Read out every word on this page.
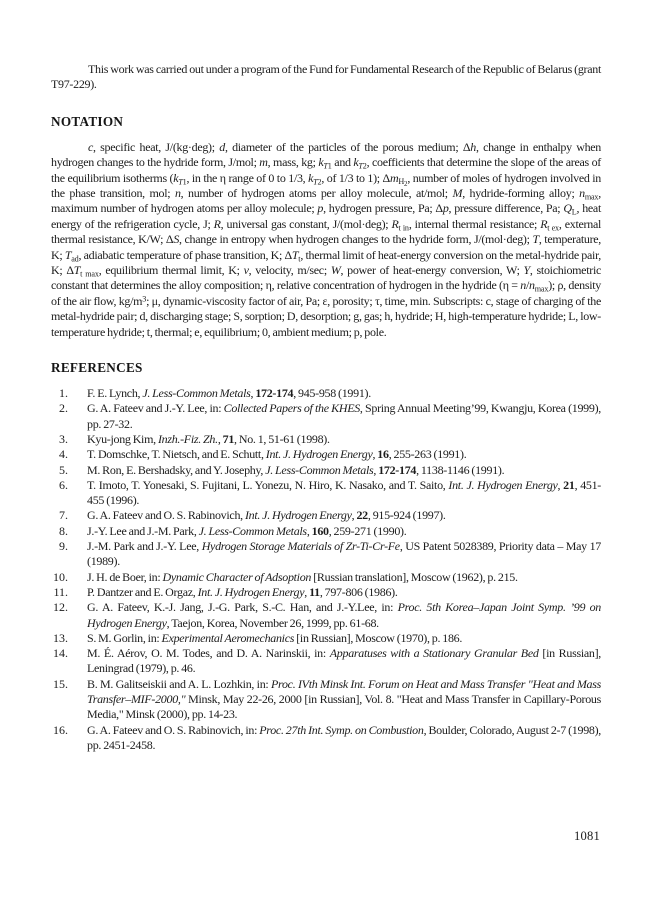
This work was carried out under a program of the Fund for Fundamental Research of the Republic of Belarus (grant T97-229).

NOTATION

c, specific heat, J/(kg·deg); d, diameter of the particles of the porous medium; Δh, change in enthalpy when hydrogen changes to the hydride form, J/mol; m, mass, kg; $k_{T1}$ and $k_{T2}$, coefficients that determine the slope of the areas of the equilibrium isotherms ($k_{T1}$, in the η range of 0 to 1/3, $k_{T2}$, of 1/3 to 1); $\Delta m_{H_2}$, number of moles of hydrogen involved in the phase transition, mol; n, number of hydrogen atoms per alloy molecule, at/mol; M, hydride-forming alloy; $n_{max}$, maximum number of hydrogen atoms per alloy molecule; p, hydrogen pressure, Pa; Δp, pressure difference, Pa; $Q_L$, heat energy of the refrigeration cycle, J; R, universal gas constant, J/(mol·deg); $R_{t in}$, internal thermal resistance; $R_{t ex}$, external thermal resistance, K/W; ΔS, change in entropy when hydrogen changes to the hydride form, J/(mol·deg); T, temperature, K; $T_{ad}$, adiabatic temperature of phase transition, K; $\Delta T_t$, thermal limit of heat-energy conversion on the metal-hydride pair, K; $\Delta T_{t max}$, equilibrium thermal limit, K; v, velocity, m/sec; W, power of heat-energy conversion, W; Y, stoichiometric constant that determines the alloy composition; η, relative concentration of hydrogen in the hydride $(\eta = n/n_{max})$; ρ, density of the air flow, $kg/m^3$; μ, dynamic-viscosity factor of air, Pa; ε, porosity; τ, time, min. Subscripts: c, stage of charging of the metal-hydride pair; d, discharging stage; S, sorption; D, desorption; g, gas; h, hydride; H, high-temperature hydride; L, low-temperature hydride; t, thermal; e, equilibrium; 0, ambient medium; p, pole.

REFERENCES
1. F. E. Lynch, J. Less-Common Metals, 172-174, 945-958 (1991).
2. G. A. Fateev and J.-Y. Lee, in: Collected Papers of the KHES, Spring Annual Meeting’99, Kwangju, Korea (1999), pp. 27-32.
3. Kyu-jong Kim, Inzh.-Fiz. Zh., 71, No. 1, 51-61 (1998).
4. T. Domschke, T. Nietsch, and E. Schutt, Int. J. Hydrogen Energy, 16, 255-263 (1991).
5. M. Ron, E. Bershadsky, and Y. Josephy, J. Less-Common Metals, 172-174, 1138-1146 (1991).
6. T. Imoto, T. Yonesaki, S. Fujitani, L. Yonezu, N. Hiro, K. Nasako, and T. Saito, Int. J. Hydrogen Energy, 21, 451-455 (1996).
7. G. A. Fateev and O. S. Rabinovich, Int. J. Hydrogen Energy, 22, 915-924 (1997).
8. J.-Y. Lee and J.-M. Park, J. Less-Common Metals, 160, 259-271 (1990).
9. J.-M. Park and J.-Y. Lee, Hydrogen Storage Materials of Zr-Ti-Cr-Fe, US Patent 5028389, Priority data – May 17 (1989).
10. J. H. de Boer, in: Dynamic Character of Adsoption [Russian translation], Moscow (1962), p. 215.
11. P. Dantzer and E. Orgaz, Int. J. Hydrogen Energy, 11, 797-806 (1986).
12. G. A. Fateev, K.-J. Jang, J.-G. Park, S.-C. Han, and J.-Y.Lee, in: Proc. 5th Korea–Japan Joint Symp. ’99 on Hydrogen Energy, Taejon, Korea, November 26, 1999, pp. 61-68.
13. S. M. Gorlin, in: Experimental Aeromechanics [in Russian], Moscow (1970), p. 186.
14. M. É. Aérov, O. M. Todes, and D. A. Narinskii, in: Apparatuses with a Stationary Granular Bed [in Russian], Leningrad (1979), p. 46.
15. B. M. Galitseiskii and A. L. Lozhkin, in: Proc. IVth Minsk Int. Forum on Heat and Mass Transfer "Heat and Mass Transfer–MIF-2000," Minsk, May 22-26, 2000 [in Russian], Vol. 8. "Heat and Mass Transfer in Capillary-Porous Media," Minsk (2000), pp. 14-23.
16. G. A. Fateev and O. S. Rabinovich, in: Proc. 27th Int. Symp. on Combustion, Boulder, Colorado, August 2-7 (1998), pp. 2451-2458.
1081
